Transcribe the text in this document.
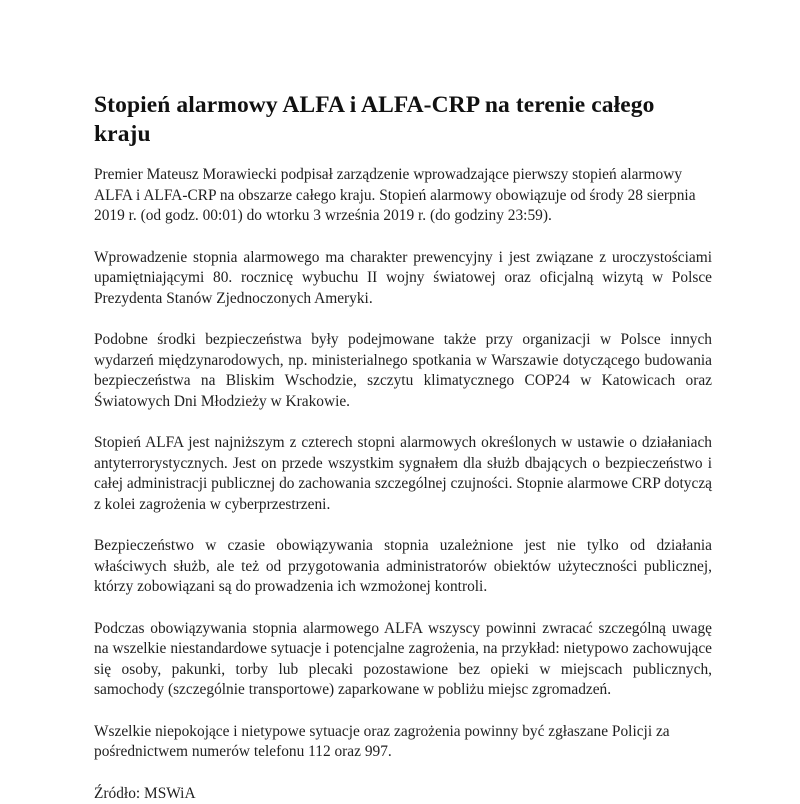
Stopień alarmowy ALFA i ALFA-CRP na terenie całego kraju

Premier Mateusz Morawiecki podpisał zarządzenie wprowadzające pierwszy stopień alarmowy ALFA i ALFA-CRP na obszarze całego kraju. Stopień alarmowy obowiązuje od środy 28 sierpnia 2019 r. (od godz. 00:01) do wtorku 3 września 2019 r. (do godziny 23:59).

Wprowadzenie stopnia alarmowego ma charakter prewencyjny i jest związane z uroczystościami upamiętniającymi 80. rocznicę wybuchu II wojny światowej oraz oficjalną wizytą w Polsce Prezydenta Stanów Zjednoczonych Ameryki.

Podobne środki bezpieczeństwa były podejmowane także przy organizacji w Polsce innych wydarzeń międzynarodowych, np. ministerialnego spotkania w Warszawie dotyczącego budowania bezpieczeństwa na Bliskim Wschodzie, szczytu klimatycznego COP24 w Katowicach oraz Światowych Dni Młodzieży w Krakowie.

Stopień ALFA jest najniższym z czterech stopni alarmowych określonych w ustawie o działaniach antyterrorystycznych. Jest on przede wszystkim sygnałem dla służb dbających o bezpieczeństwo i całej administracji publicznej do zachowania szczególnej czujności. Stopnie alarmowe CRP dotyczą z kolei zagrożenia w cyberprzestrzeni.

Bezpieczeństwo w czasie obowiązywania stopnia uzależnione jest nie tylko od działania właściwych służb, ale też od przygotowania administratorów obiektów użyteczności publicznej, którzy zobowiązani są do prowadzenia ich wzmożonej kontroli.

Podczas obowiązywania stopnia alarmowego ALFA wszyscy powinni zwracać szczególną uwagę na wszelkie niestandardowe sytuacje i potencjalne zagrożenia, na przykład: nietypowo zachowujące się osoby, pakunki, torby lub plecaki pozostawione bez opieki w miejscach publicznych, samochody (szczególnie transportowe) zaparkowane w pobliżu miejsc zgromadzeń.

Wszelkie niepokojące i nietypowe sytuacje oraz zagrożenia powinny być zgłaszane Policji za pośrednictwem numerów telefonu 112 oraz 997.

Źródło: MSWiA
